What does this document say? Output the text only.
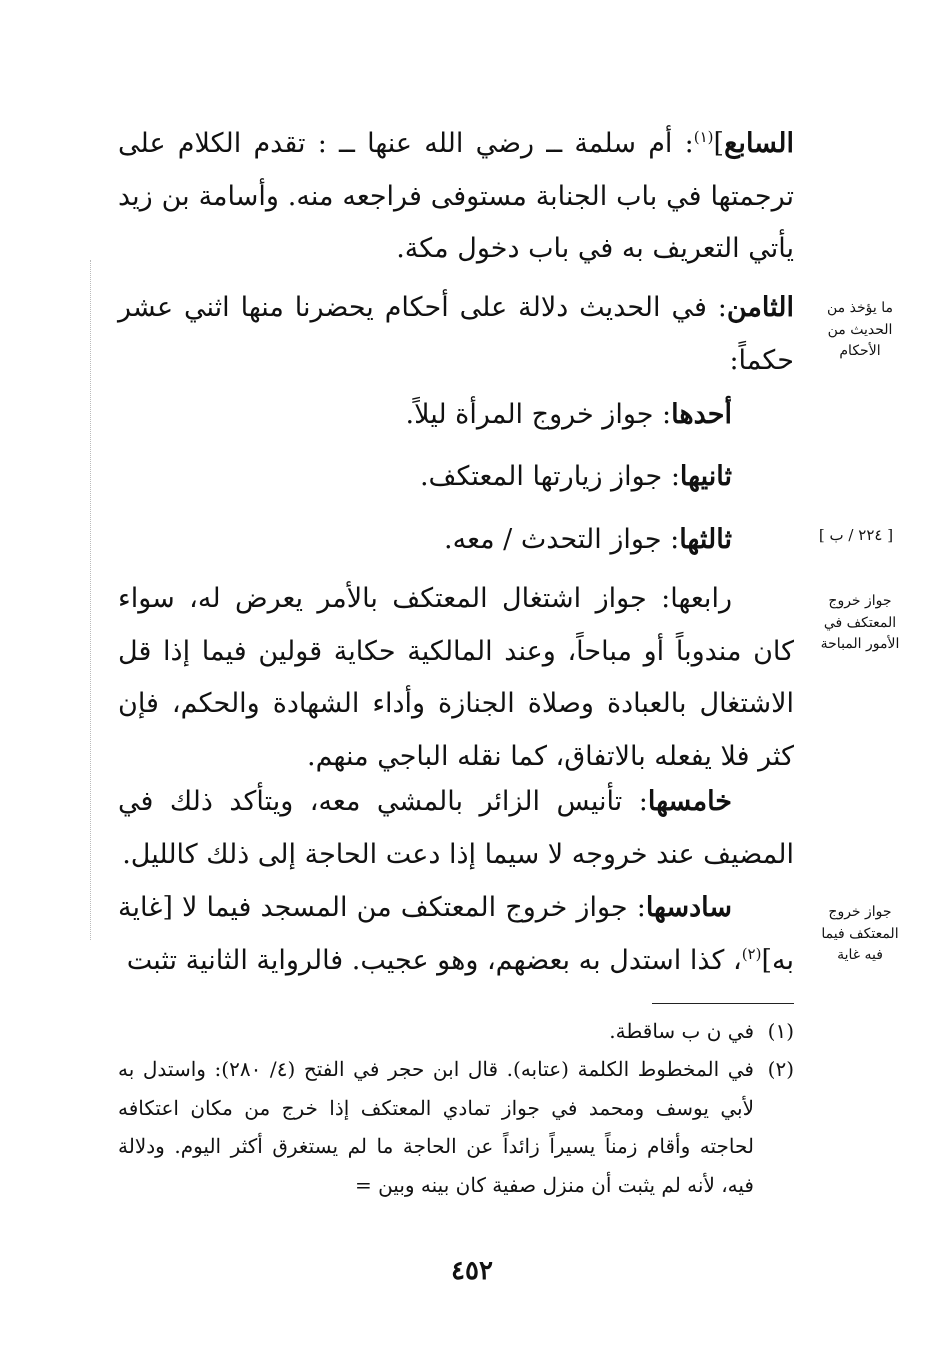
السابع]$^{(١)}$: أم سلمة ــ رضي الله عنها ــ : تقدم الكلام على ترجمتها في باب الجنابة مستوفى فراجعه منه. وأسامة بن زيد يأتي التعريف به في باب دخول مكة.

الثامن: في الحديث دلالة على أحكام يحضرنا منها اثني عشر حكماً:

أحدها: جواز خروج المرأة ليلاً.
ثانيها: جواز زيارتها المعتكف.
ثالثها: جواز التحدث / معه.

رابعها: جواز اشتغال المعتكف بالأمر يعرض له، سواء كان مندوباً أو مباحاً، وعند المالكية حكاية قولين فيما إذا قل الاشتغال بالعبادة وصلاة الجنازة وأداء الشهادة والحكم، فإن كثر فلا يفعله بالاتفاق، كما نقله الباجي منهم.

خامسها: تأنيس الزائر بالمشي معه، ويتأكد ذلك في المضيف عند خروجه لا سيما إذا دعت الحاجة إلى ذلك كالليل.

سادسها: جواز خروج المعتكف من المسجد فيما لا [غاية به]$^{(٢)}$، كذا استدل به بعضهم، وهو عجيب. فالرواية الثانية تثبت

ما يؤخذ من الحديث من الأحكام
[ ٢٢٤ / ب ]
جواز خروج المعتكف في الأمور المباحة
جواز خروج المعتكف فيما فيه غاية

(١)
في ن ب ساقطة.

(٢)
في المخطوط الكلمة (عتابه). قال ابن حجر في الفتح (٤/ ٢٨٠): واستدل به لأبي يوسف ومحمد في جواز تمادي المعتكف إذا خرج من مكان اعتكافه لحاجته وأقام زمناً يسيراً زائداً عن الحاجة ما لم يستغرق أكثر اليوم. ودلالة فيه، لأنه لم يثبت أن منزل صفية كان بينه وبين =

٤٥٢
